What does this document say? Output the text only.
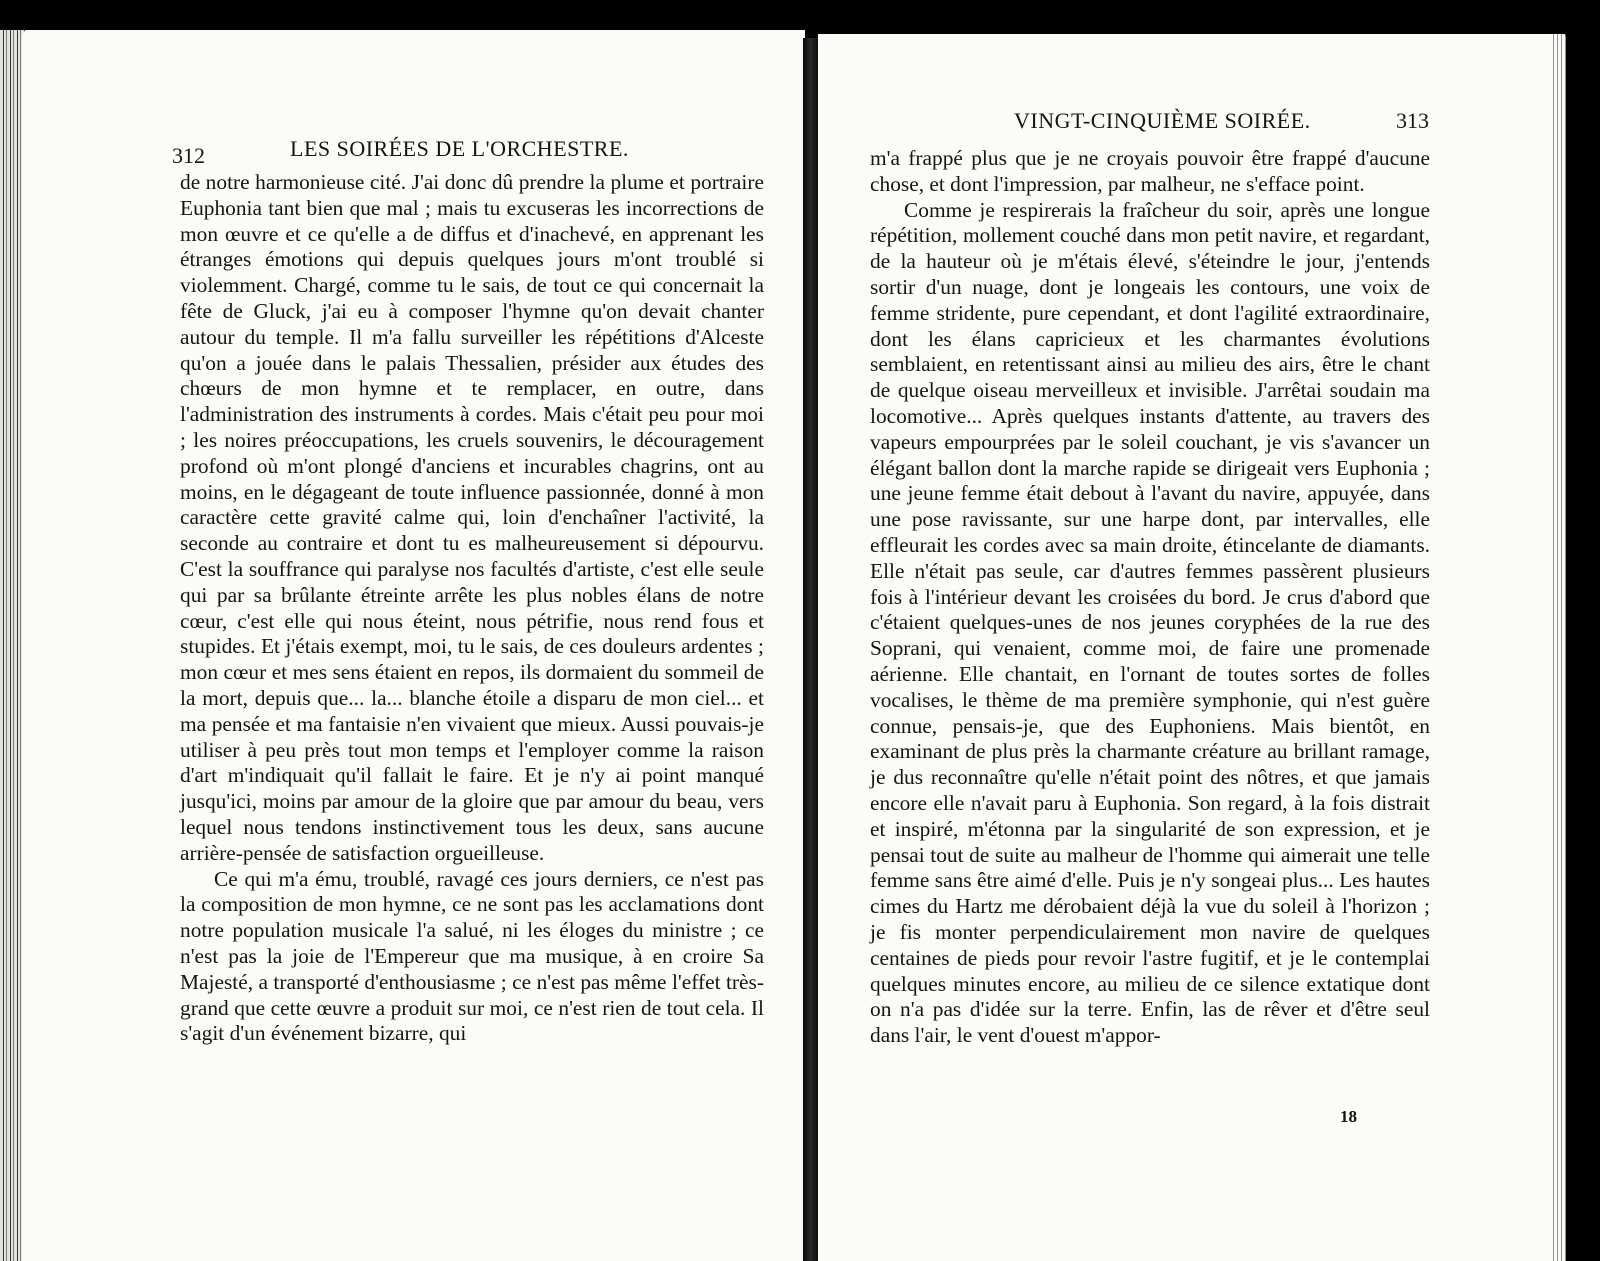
312	LES SOIRÉES DE L'ORCHESTRE.

de notre harmonieuse cité. J'ai donc dû prendre la plume et portraire Euphonia tant bien que mal ; mais tu excuseras les incorrections de mon œuvre et ce qu'elle a de diffus et d'inachevé, en apprenant les étranges émotions qui depuis quelques jours m'ont troublé si violemment. Chargé, comme tu le sais, de tout ce qui concernait la fête de Gluck, j'ai eu à composer l'hymne qu'on devait chanter autour du temple. Il m'a fallu surveiller les répétitions d'Alceste qu'on a jouée dans le palais Thessalien, présider aux études des chœurs de mon hymne et te remplacer, en outre, dans l'administration des instruments à cordes. Mais c'était peu pour moi ; les noires préoccupations, les cruels souvenirs, le découragement profond où m'ont plongé d'anciens et incurables chagrins, ont au moins, en le dégageant de toute influence passionnée, donné à mon caractère cette gravité calme qui, loin d'enchaîner l'activité, la seconde au contraire et dont tu es malheureusement si dépourvu. C'est la souffrance qui paralyse nos facultés d'artiste, c'est elle seule qui par sa brûlante étreinte arrête les plus nobles élans de notre cœur, c'est elle qui nous éteint, nous pétrifie, nous rend fous et stupides. Et j'étais exempt, moi, tu le sais, de ces douleurs ardentes ; mon cœur et mes sens étaient en repos, ils dormaient du sommeil de la mort, depuis que... la... blanche étoile a disparu de mon ciel... et ma pensée et ma fantaisie n'en vivaient que mieux. Aussi pouvais-je utiliser à peu près tout mon temps et l'employer comme la raison d'art m'indiquait qu'il fallait le faire. Et je n'y ai point manqué jusqu'ici, moins par amour de la gloire que par amour du beau, vers lequel nous tendons instinctivement tous les deux, sans aucune arrière-pensée de satisfaction orgueilleuse.

Ce qui m'a ému, troublé, ravagé ces jours derniers, ce n'est pas la composition de mon hymne, ce ne sont pas les acclamations dont notre population musicale l'a salué, ni les éloges du ministre ; ce n'est pas la joie de l'Empereur que ma musique, à en croire Sa Majesté, a transporté d'enthousiasme ; ce n'est pas même l'effet très-grand que cette œuvre a produit sur moi, ce n'est rien de tout cela. Il s'agit d'un événement bizarre, qui

VINGT-CINQUIÈME SOIRÉE.	313

m'a frappé plus que je ne croyais pouvoir être frappé d'aucune chose, et dont l'impression, par malheur, ne s'efface point.

Comme je respirerais la fraîcheur du soir, après une longue répétition, mollement couché dans mon petit navire, et regardant, de la hauteur où je m'étais élevé, s'éteindre le jour, j'entends sortir d'un nuage, dont je longeais les contours, une voix de femme stridente, pure cependant, et dont l'agilité extraordinaire, dont les élans capricieux et les charmantes évolutions semblaient, en retentissant ainsi au milieu des airs, être le chant de quelque oiseau merveilleux et invisible. J'arrêtai soudain ma locomotive... Après quelques instants d'attente, au travers des vapeurs empourprées par le soleil couchant, je vis s'avancer un élégant ballon dont la marche rapide se dirigeait vers Euphonia ; une jeune femme était debout à l'avant du navire, appuyée, dans une pose ravissante, sur une harpe dont, par intervalles, elle effleurait les cordes avec sa main droite, étincelante de diamants. Elle n'était pas seule, car d'autres femmes passèrent plusieurs fois à l'intérieur devant les croisées du bord. Je crus d'abord que c'étaient quelques-unes de nos jeunes coryphées de la rue des Soprani, qui venaient, comme moi, de faire une promenade aérienne. Elle chantait, en l'ornant de toutes sortes de folles vocalises, le thème de ma première symphonie, qui n'est guère connue, pensais-je, que des Euphoniens. Mais bientôt, en examinant de plus près la charmante créature au brillant ramage, je dus reconnaître qu'elle n'était point des nôtres, et que jamais encore elle n'avait paru à Euphonia. Son regard, à la fois distrait et inspiré, m'étonna par la singularité de son expression, et je pensai tout de suite au malheur de l'homme qui aimerait une telle femme sans être aimé d'elle. Puis je n'y songeai plus... Les hautes cimes du Hartz me dérobaient déjà la vue du soleil à l'horizon ; je fis monter perpendiculairement mon navire de quelques centaines de pieds pour revoir l'astre fugitif, et je le contemplai quelques minutes encore, au milieu de ce silence extatique dont on n'a pas d'idée sur la terre. Enfin, las de rêver et d'être seul dans l'air, le vent d'ouest m'appor-

18
